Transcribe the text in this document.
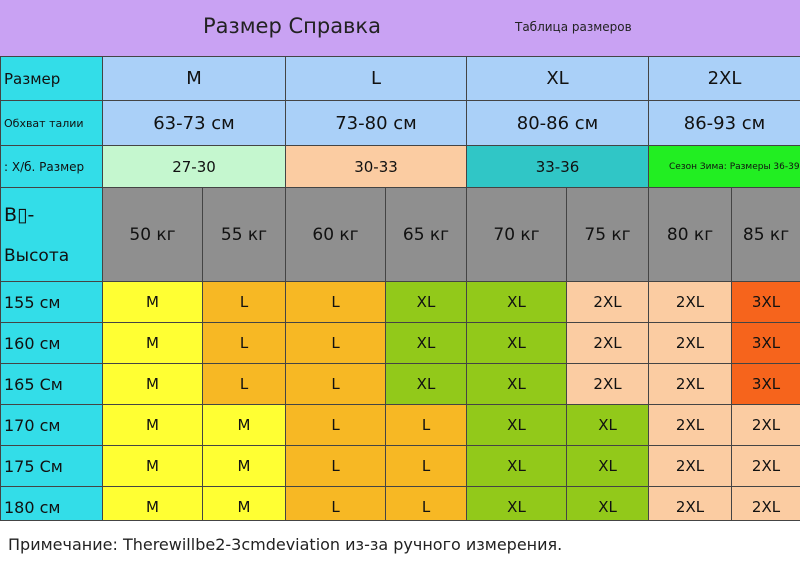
Размер Справка	Таблица размеров
Размер	M		L		XL		2XL	
Обхват талии	63-73 см		73-80 см		80-86 см		86-93 см	
: Х/б. Размер	27-30		30-33		33-36		Сезон Зима: Размеры 36-39	

В▯-
Высота	50 кг	55 кг	60 кг	65 кг	70 кг	75 кг	80 кг	85 кг
155 см	M	L	L	XL	XL	2XL	2XL	3XL
160 см	M	L	L	XL	XL	2XL	2XL	3XL
165 См	M	L	L	XL	XL	2XL	2XL	3XL
170 см	M	M	L	L	XL	XL	2XL	2XL
175 См	M	M	L	L	XL	XL	2XL	2XL
180 см	M	M	L	L	XL	XL	2XL	2XL
Примечание: Therewillbe2-3cmdeviation из-за ручного измерения.
